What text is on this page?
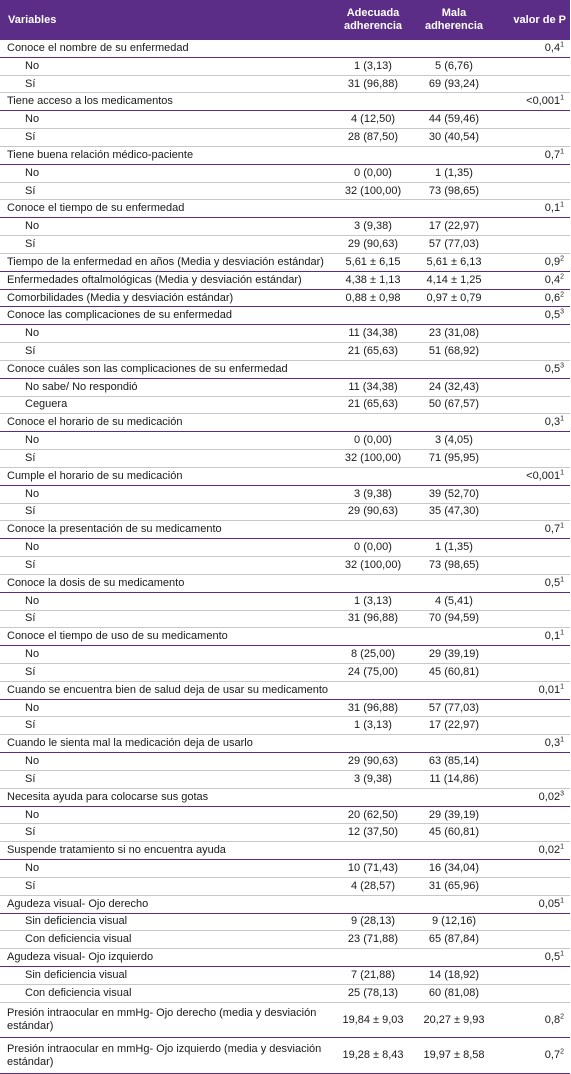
Variables	Adecuada adherencia	Mala adherencia	valor de P
Conoce el nombre de su enfermedad			$0,4^1$
No	1 (3,13)	5 (6,76)	
Sí	31 (96,88)	69 (93,24)	
Tiene acceso a los medicamentos			$<0,001^1$
No	4 (12,50)	44 (59,46)	
Sí	28 (87,50)	30 (40,54)	
Tiene buena relación médico-paciente			$0,7^1$
No	0 (0,00)	1 (1,35)	
Sí	32 (100,00)	73 (98,65)	
Conoce el tiempo de su enfermedad			$0,1^1$
No	3 (9,38)	17 (22,97)	
Sí	29 (90,63)	57 (77,03)	
Tiempo de la enfermedad en años (Media y desviación estándar)	5,61 ± 6,15	5,61 ± 6,13	$0,9^2$
Enfermedades oftalmológicas (Media y desviación estándar)	4,38 ± 1,13	4,14 ± 1,25	$0,4^2$
Comorbilidades (Media y desviación estándar)	0,88 ± 0,98	0,97 ± 0,79	$0,6^2$
Conoce las complicaciones de su enfermedad			$0,5^3$
No	11 (34,38)	23 (31,08)	
Sí	21 (65,63)	51 (68,92)	
Conoce cuáles son las complicaciones de su enfermedad			$0,5^3$
No sabe/ No respondió	11 (34,38)	24 (32,43)	
Ceguera	21 (65,63)	50 (67,57)	
Conoce el horario de su medicación			$0,3^1$
No	0 (0,00)	3 (4,05)	
Sí	32 (100,00)	71 (95,95)	
Cumple el horario de su medicación			$<0,001^1$
No	3 (9,38)	39 (52,70)	
Sí	29 (90,63)	35 (47,30)	
Conoce la presentación de su medicamento			$0,7^1$
No	0 (0,00)	1 (1,35)	
Sí	32 (100,00)	73 (98,65)	
Conoce la dosis de su medicamento			$0,5^1$
No	1 (3,13)	4 (5,41)	
Sí	31 (96,88)	70 (94,59)	
Conoce el tiempo de uso de su medicamento			$0,1^1$
No	8 (25,00)	29 (39,19)	
Sí	24 (75,00)	45 (60,81)	
Cuando se encuentra bien de salud deja de usar su medicamento			0,01$^1$
No	31 (96,88)	57 (77,03)	
Sí	1 (3,13)	17 (22,97)	
Cuando le sienta mal la medicación deja de usarlo			$0,3^1$
No	29 (90,63)	63 (85,14)	
Sí	3 (9,38)	11 (14,86)	
Necesita ayuda para colocarse sus gotas			0,02$^3$
No	20 (62,50)	29 (39,19)	
Sí	12 (37,50)	45 (60,81)	
Suspende tratamiento si no encuentra ayuda			0,02$^1$
No	10 (71,43)	16 (34,04)	
Sí	4 (28,57)	31 (65,96)	
Agudeza visual- Ojo derecho			0,05$^1$
Sin deficiencia visual	9 (28,13)	9 (12,16)	
Con deficiencia visual	23 (71,88)	65 (87,84)	
Agudeza visual- Ojo izquierdo			$0,5^1$
Sin deficiencia visual	7 (21,88)	14 (18,92)	
Con deficiencia visual	25 (78,13)	60 (81,08)	
Presión intraocular en mmHg- Ojo derecho (media y desviación estándar)	19,84 ± 9,03	20,27 ± 9,93	$0,8^2$
Presión intraocular en mmHg- Ojo izquierdo (media y desviación estándar)	19,28 ± 8,43	19,97 ± 8,58	$0,7^2$
